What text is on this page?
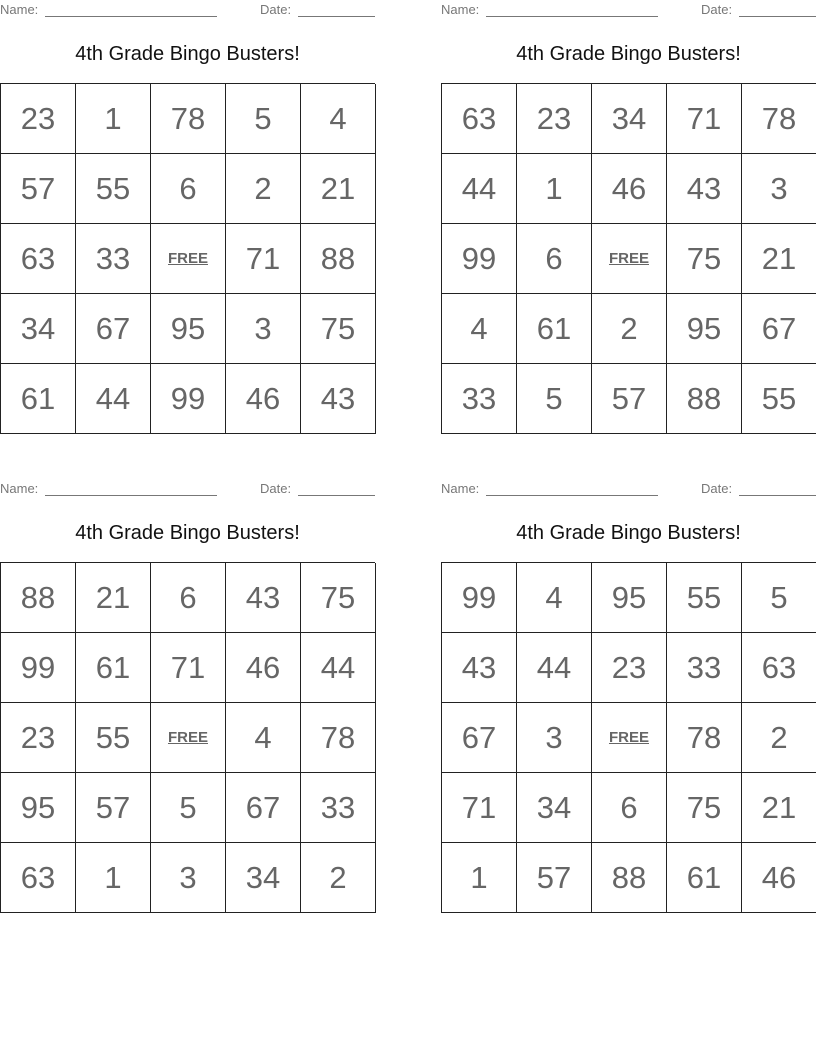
Name:	Date:
4th Grade Bingo Busters!
23	1	78	5	4
57	55	6	2	21
63	33	FREE	71	88
34	67	95	3	75
61	44	99	46	43
Name:	Date:
4th Grade Bingo Busters!
63	23	34	71	78
44	1	46	43	3
99	6	FREE	75	21
4	61	2	95	67
33	5	57	88	55
Name:	Date:
4th Grade Bingo Busters!
88	21	6	43	75
99	61	71	46	44
23	55	FREE	4	78
95	57	5	67	33
63	1	3	34	2
Name:	Date:
4th Grade Bingo Busters!
99	4	95	55	5
43	44	23	33	63
67	3	FREE	78	2
71	34	6	75	21
1	57	88	61	46
